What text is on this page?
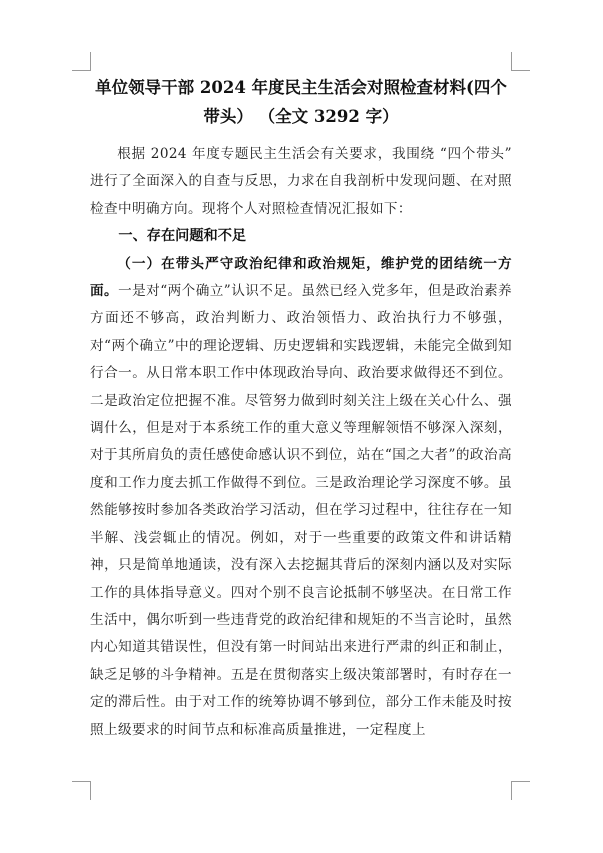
单位领导干部 2024 年度民主生活会对照检查材料(四个带头） （全文 3292 字）

根据 2024 年度专题民主生活会有关要求，我围绕 “四个带头” 进行了全面深入的自查与反思，力求在自我剖析中发现问题、在对照检查中明确方向。现将个人对照检查情况汇报如下：

一、存在问题和不足

（一）在带头严守政治纪律和政治规矩，维护党的团结统一方面。一是对“两个确立”认识不足。虽然已经入党多年，但是政治素养方面还不够高，政治判断力、政治领悟力、政治执行力不够强，对“两个确立”中的理论逻辑、历史逻辑和实践逻辑，未能完全做到知行合一。从日常本职工作中体现政治导向、政治要求做得还不到位。二是政治定位把握不准。尽管努力做到时刻关注上级在关心什么、强调什么，但是对于本系统工作的重大意义等理解领悟不够深入深刻，对于其所肩负的责任感使命感认识不到位，站在“国之大者”的政治高度和工作力度去抓工作做得不到位。三是政治理论学习深度不够。虽然能够按时参加各类政治学习活动，但在学习过程中，往往存在一知半解、浅尝辄止的情况。例如，对于一些重要的政策文件和讲话精神，只是简单地通读，没有深入去挖掘其背后的深刻内涵以及对实际工作的具体指导意义。四对个别不良言论抵制不够坚决。在日常工作生活中，偶尔听到一些违背党的政治纪律和规矩的不当言论时，虽然内心知道其错误性，但没有第一时间站出来进行严肃的纠正和制止，缺乏足够的斗争精神。五是在贯彻落实上级决策部署时，有时存在一定的滞后性。由于对工作的统筹协调不够到位，部分工作未能及时按照上级要求的时间节点和标准高质量推进，一定程度上
